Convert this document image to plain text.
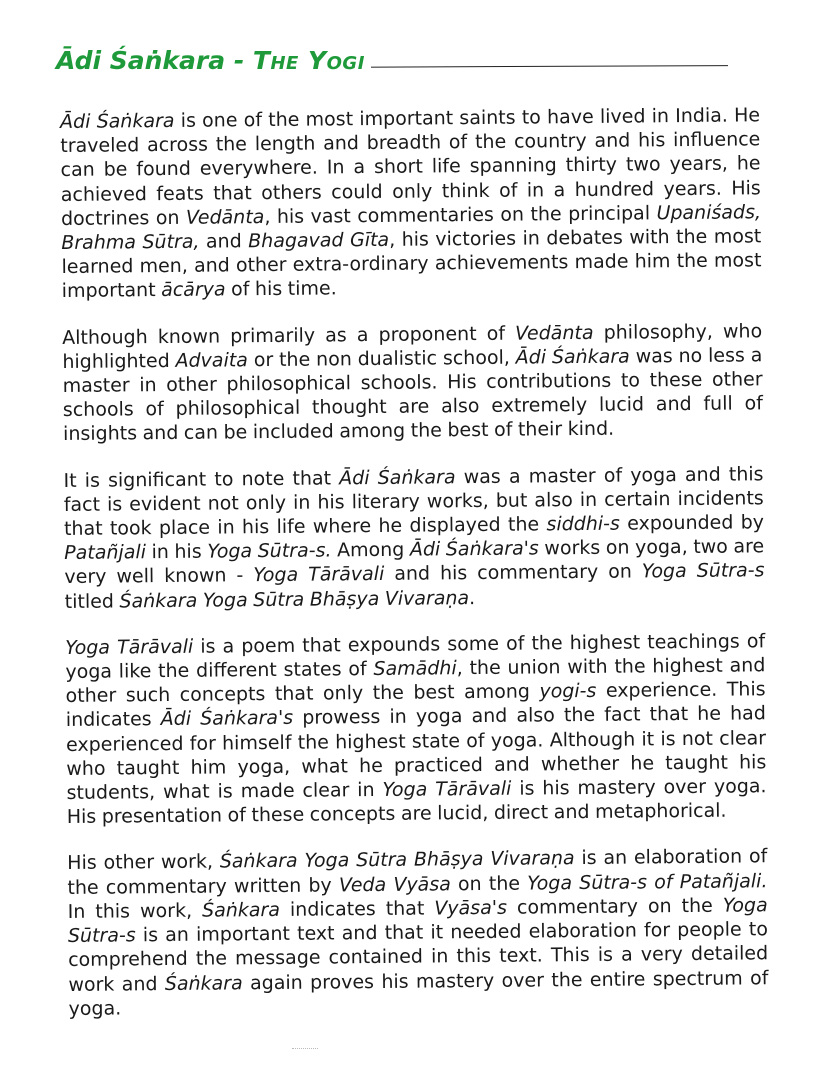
Ādi Śaṅkara - The Yogi

Ādi Śaṅkara is one of the most important saints to have lived in India. He traveled across the length and breadth of the country and his influence can be found everywhere. In a short life spanning thirty two years, he achieved feats that others could only think of in a hundred years. His doctrines on Vedānta, his vast commentaries on the principal Upaniśads, Brahma Sūtra, and Bhagavad Gīta, his victories in debates with the most learned men, and other extra-ordinary achievements made him the most important ācārya of his time.

Although known primarily as a proponent of Vedānta philosophy, who highlighted Advaita or the non dualistic school, Ādi Śaṅkara was no less a master in other philosophical schools. His contributions to these other schools of philosophical thought are also extremely lucid and full of insights and can be included among the best of their kind.

It is significant to note that Ādi Śaṅkara was a master of yoga and this fact is evident not only in his literary works, but also in certain incidents that took place in his life where he displayed the siddhi-s expounded by Patañjali in his Yoga Sūtra-s. Among Ādi Śaṅkara's works on yoga, two are very well known - Yoga Tārāvali and his commentary on Yoga Sūtra-s titled Śaṅkara Yoga Sūtra Bhāṣya Vivaraṇa.

Yoga Tārāvali is a poem that expounds some of the highest teachings of yoga like the different states of Samādhi, the union with the highest and other such concepts that only the best among yogi-s experience. This indicates Ādi Śaṅkara's prowess in yoga and also the fact that he had experienced for himself the highest state of yoga. Although it is not clear who taught him yoga, what he practiced and whether he taught his students, what is made clear in Yoga Tārāvali is his mastery over yoga. His presentation of these concepts are lucid, direct and metaphorical.

His other work, Śaṅkara Yoga Sūtra Bhāṣya Vivaraṇa is an elaboration of the commentary written by Veda Vyāsa on the Yoga Sūtra-s of Patañjali. In this work, Śaṅkara indicates that Vyāsa's commentary on the Yoga Sūtra-s is an important text and that it needed elaboration for people to comprehend the message contained in this text. This is a very detailed work and Śaṅkara again proves his mastery over the entire spectrum of yoga.
